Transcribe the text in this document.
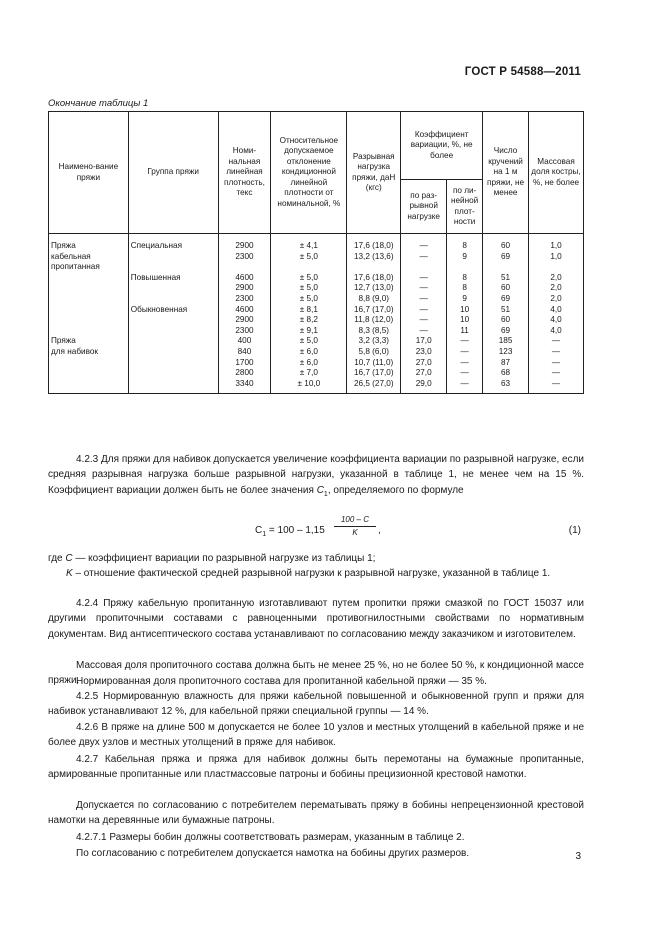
ГОСТ Р 54588—2011
Окончание таблицы 1
Наимено-вание пряжи	Группа пряжи	Номи-нальная линейная плотность, текс	Относительное допускаемое отклонение кондиционной линейной плотности от номинальной, %	Разрывная нагрузка пряжи, даН (кгс)	Коэффициент вариации, %, не более		Число кручений на 1 м пряжи, не менее	Массовая доля костры, %, не более
					по раз-рывной нагрузке	по ли-нейной плот-ности		
Пряжа	Специальная	2900	± 4,1	17,6 (18,0)	—	8	60	1,0
кабельная		2300	± 5,0	13,2 (13,6)	—	9	69	1,0
пропитанная								
	Повышенная	4600	± 5,0	17,6 (18,0)	—	8	51	2,0
		2900	± 5,0	12,7 (13,0)	—	8	60	2,0
		2300	± 5,0	8,8 (9,0)	—	9	69	2,0

	Обыкновенная	4600	± 8,1	16,7 (17,0)	—	10	51	4,0
		2900	± 8,2	11,8 (12,0)	—	10	60	4,0
		2300	± 9,1	8,3 (8,5)	—	11	69	4,0

Пряжа		400	± 5,0	3,2 (3,3)	17,0	—	185	—
для набивок		840	± 6,0	5,8 (6,0)	23,0	—	123	—
		1700	± 6,0	10,7 (11,0)	27,0	—	87	—
		2800	± 7,0	16,7 (17,0)	27,0	—	68	—
		3340	± 10,0	26,5 (27,0)	29,0	—	63	—
4.2.3 Для пряжи для набивок допускается увеличение коэффициента вариации по разрывной нагрузке, если средняя разрывная нагрузка больше разрывной нагрузки, указанной в таблице 1, не менее чем на 15 %. Коэффициент вариации должен быть не более значения $C_1$, определяемого по формуле
$C_1 = 100 - 1,15$
100 – C
K	,	(1)
где C — коэффициент вариации по разрывной нагрузке из таблицы 1;
K – отношение фактической средней разрывной нагрузки к разрывной нагрузке, указанной в таблице 1.
4.2.4 Пряжу кабельную пропитанную изготавливают путем пропитки пряжи смазкой по ГОСТ 15037 или другими пропиточными составами с равноценными противогнилостными свойствами по нормативным документам. Вид антисептического состава устанавливают по согласованию между заказчиком и изготовителем.
Массовая доля пропиточного состава должна быть не менее 25 %, но не более 50 %, к кондиционной массе пряжи.
Нормированная доля пропиточного состава для пропитанной кабельной пряжи — 35 %.
4.2.5 Нормированную влажность для пряжи кабельной повышенной и обыкновенной групп и пряжи для набивок устанавливают 12 %, для кабельной пряжи специальной группы — 14 %.
4.2.6 В пряже на длине 500 м допускается не более 10 узлов и местных утолщений в кабельной пряже и не более двух узлов и местных утолщений в пряже для набивок.
4.2.7 Кабельная пряжа и пряжа для набивок должны быть перемотаны на бумажные пропитанные, армированные пропитанные или пластмассовые патроны и бобины прецизионной крестовой намотки.
Допускается по согласованию с потребителем перематывать пряжу в бобины непрецензионной крестовой намотки на деревянные или бумажные патроны.
4.2.7.1 Размеры бобин должны соответствовать размерам, указанным в таблице 2.
По согласованию с потребителем допускается намотка на бобины других размеров.	3
